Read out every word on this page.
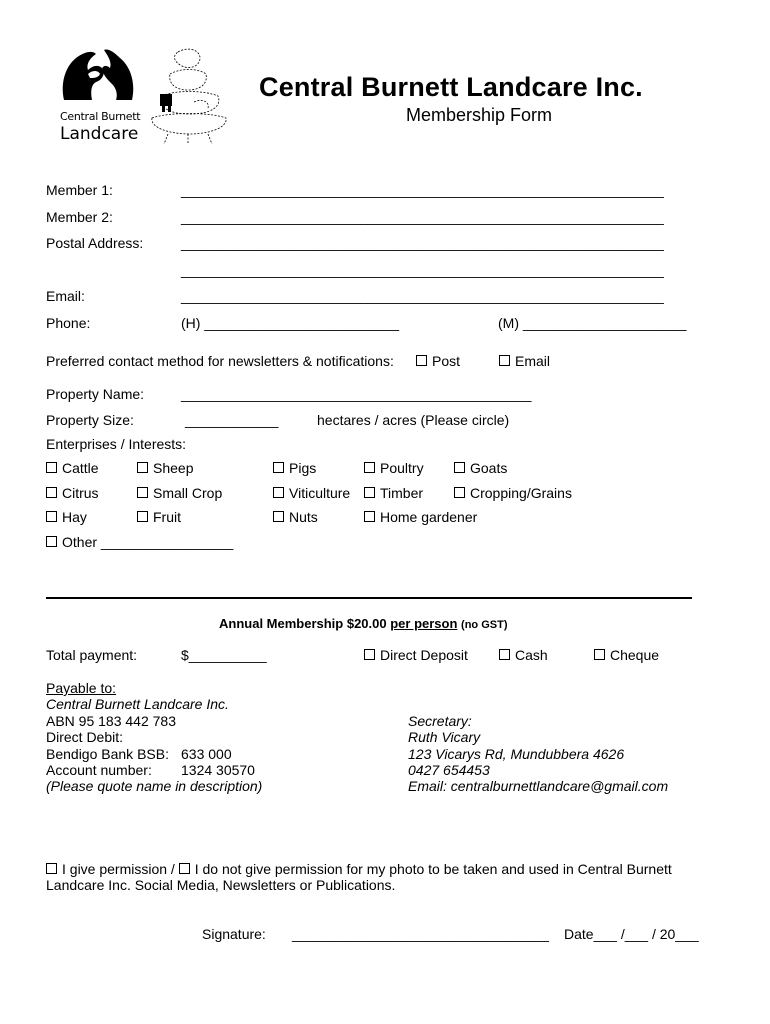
Central Burnett
Landcare
Central Burnett Landcare Inc.
Membership Form
Member 1:	______________________________________________________________
Member 2:	______________________________________________________________
Postal Address:	______________________________________________________________
______________________________________________________________
Email:	______________________________________________________________
Phone:	(H) _________________________	(M) _____________________
Preferred contact method for newsletters & notifications:	Post	Email
Property Name:	_____________________________________________
Property Size:	____________	hectares / acres (Please circle)
Enterprises / Interests:
Cattle	Sheep	Pigs	Poultry	Goats
Citrus	Small Crop	Viticulture	Timber	Cropping/Grains
Hay	Fruit	Nuts	Home gardener
Other _________________
Annual Membership $20.00 per person (no GST)
Total payment:	$__________	Direct Deposit	Cash	Cheque
Payable to:
Central Burnett Landcare Inc.
ABN 95 183 442 783
Direct Debit:
Bendigo Bank BSB: 633 000
Account number: 1324 30570
(Please quote name in description)
Secretary:
Ruth Vicary
123 Vicarys Rd, Mundubbera 4626
0427 654453
Email: centralburnettlandcare@gmail.com
I give permission / I do not give permission for my photo to be taken and used in Central Burnett
Landcare Inc. Social Media, Newsletters or Publications.
Signature: _________________________________ Date___ /___ / 20___
